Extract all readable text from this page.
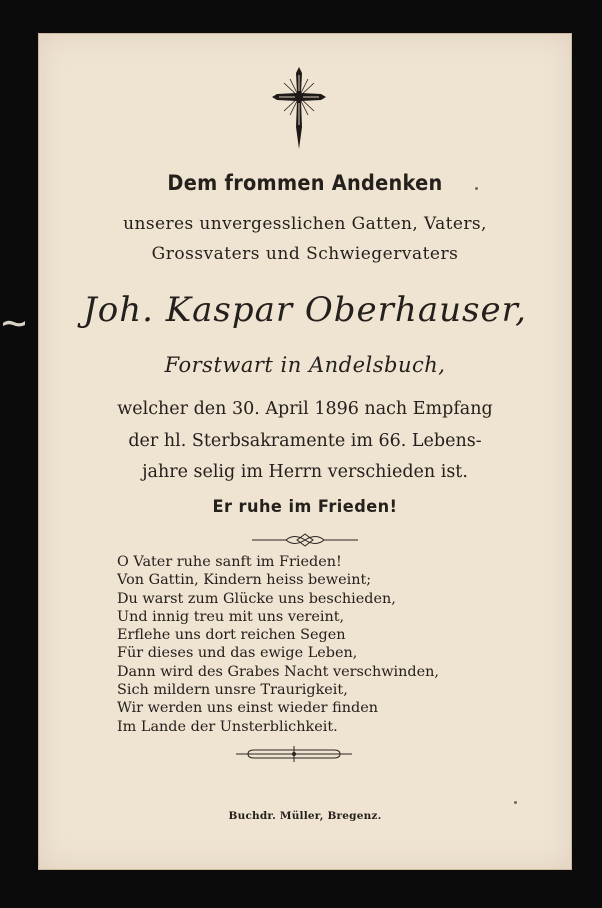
Dem frommen Andenken
unseres unvergesslichen Gatten, Vaters,
Grossvaters und Schwiegervaters
Joh. Kaspar Oberhauser,
Forstwart in Andelsbuch,
welcher den 30. April 1896 nach Empfang
der hl. Sterbsakramente im 66. Lebens-
jahre selig im Herrn verschieden ist.
Er ruhe im Frieden!
O Vater ruhe sanft im Frieden!
Von Gattin, Kindern heiss beweint;
Du warst zum Glücke uns beschieden,
Und innig treu mit uns vereint,
Erflehe uns dort reichen Segen
Für dieses und das ewige Leben,
Dann wird des Grabes Nacht verschwinden,
Sich mildern unsre Traurigkeit,
Wir werden uns einst wieder finden
Im Lande der Unsterblichkeit.
Buchdr. Müller, Bregenz.
